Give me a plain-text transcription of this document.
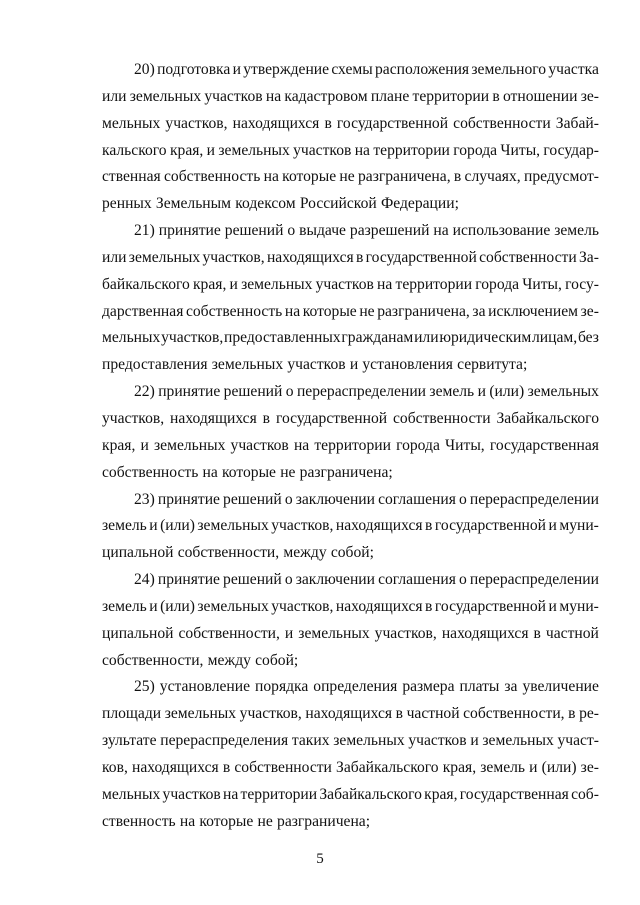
20) подготовка и утверждение схемы расположения земельного участка
или земельных участков на кадастровом плане территории в отношении зе-
мельных участков, находящихся в государственной собственности Забай-
кальского края, и земельных участков на территории города Читы, государ-
ственная собственность на которые не разграничена, в случаях, предусмот-
ренных Земельным кодексом Российской Федерации;
21) принятие решений о выдаче разрешений на использование земель
или земельных участков, находящихся в государственной собственности За-
байкальского края, и земельных участков на территории города Читы, госу-
дарственная собственность на которые не разграничена, за исключением зе-
мельных участков, предоставленных гражданам или юридическим лицам, без
предоставления земельных участков и установления сервитута;
22) принятие решений о перераспределении земель и (или) земельных
участков, находящихся в государственной собственности Забайкальского
края, и земельных участков на территории города Читы, государственная
собственность на которые не разграничена;
23) принятие решений о заключении соглашения о перераспределении
земель и (или) земельных участков, находящихся в государственной и муни-
ципальной собственности, между собой;
24) принятие решений о заключении соглашения о перераспределении
земель и (или) земельных участков, находящихся в государственной и муни-
ципальной собственности, и земельных участков, находящихся в частной
собственности, между собой;
25) установление порядка определения размера платы за увеличение
площади земельных участков, находящихся в частной собственности, в ре-
зультате перераспределения таких земельных участков и земельных участ-
ков, находящихся в собственности Забайкальского края, земель и (или) зе-
мельных участков на территории Забайкальского края, государственная соб-
ственность на которые не разграничена;
5
